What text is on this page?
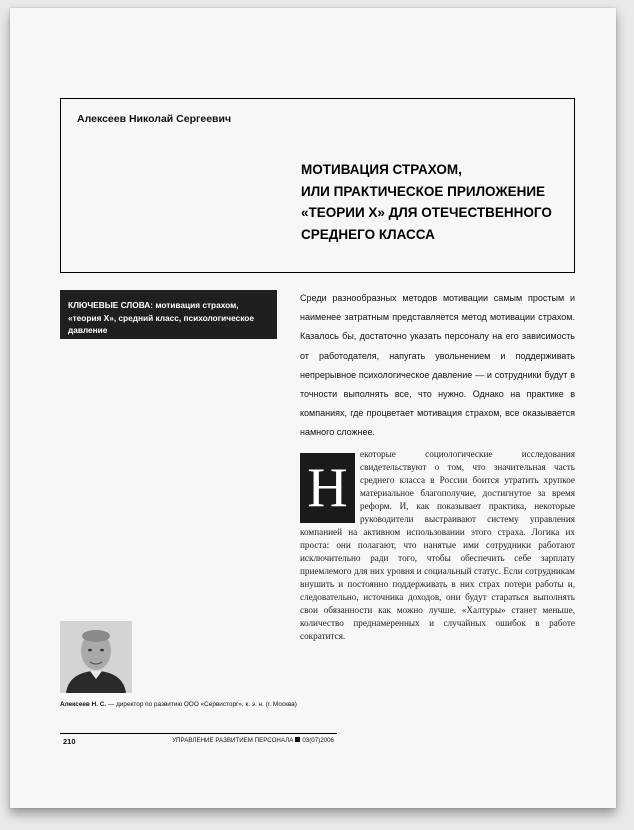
Алексеев Николай Сергеевич
МОТИВАЦИЯ СТРАХОМ,
ИЛИ ПРАКТИЧЕСКОЕ ПРИЛОЖЕНИЕ
«ТЕОРИИ Х» ДЛЯ ОТЕЧЕСТВЕННОГО
СРЕДНЕГО КЛАССА
КЛЮЧЕВЫЕ СЛОВА: мотивация страхом, «теория Х», средний класс, психологическое давление
Среди разнообразных методов мотивации самым простым и наименее затратным представляется метод мотивации страхом. Казалось бы, достаточно указать персоналу на его зависимость от работодателя, напугать увольнением и поддерживать непрерывное психологическое давление — и сотрудники будут в точности выполнять все, что нужно. Однако на практике в компаниях, где процветает мотивация страхом, все оказывается намного сложнее.
Н
екоторые социологические исследования свидетельствуют о том, что значительная часть среднего класса в России боится утратить хрупкое материальное благополучие, достигнутое за время реформ. И, как показывает практика, некоторые руководители выстраивают систему управления компанией на активном использовании этого страха. Логика их проста: они полагают, что нанятые ими сотрудники работают исключительно ради того, чтобы обеспечить себе зарплату приемлемого для них уровня и социальный статус. Если сотрудникам внушить и постоянно поддерживать в них страх потери работы и, следовательно, источника доходов, они будут стараться выполнять свои обязанности как можно лучше. «Халтуры» станет меньше, количество преднамеренных и случайных ошибок в работе сократится.
Алексеев Н. С. — директор по развитию ООО «Сервисторг», к. э. н. (г. Москва)
210	УПРАВЛЕНИЕ РАЗВИТИЕМ ПЕРСОНАЛА 03(07)2006
